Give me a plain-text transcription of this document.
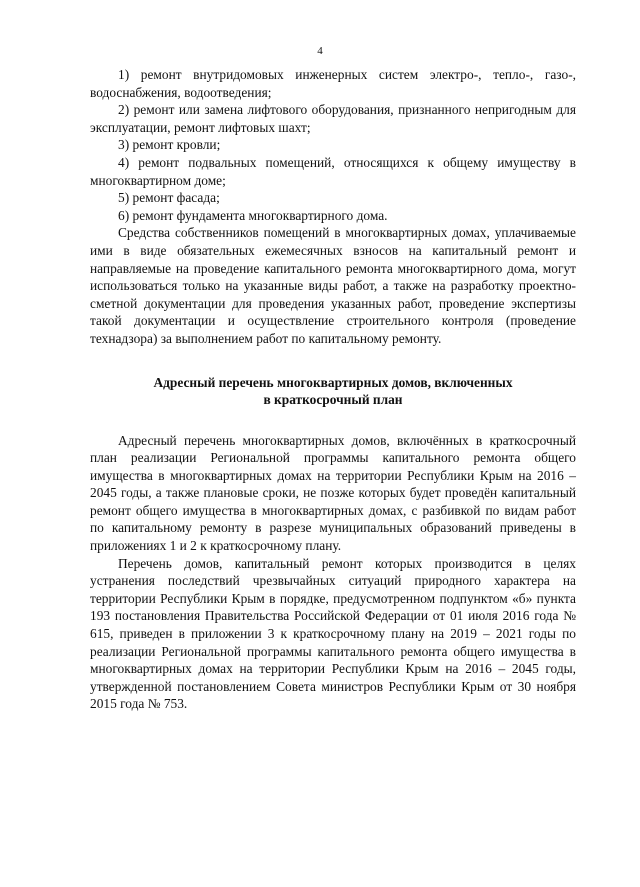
4

1) ремонт внутридомовых инженерных систем электро-, тепло-, газо-, водоснабжения, водоотведения;

2) ремонт или замена лифтового оборудования, признанного непригодным для эксплуатации, ремонт лифтовых шахт;

3) ремонт кровли;

4) ремонт подвальных помещений, относящихся к общему имуществу в многоквартирном доме;

5) ремонт фасада;

6) ремонт фундамента многоквартирного дома.

Средства собственников помещений в многоквартирных домах, уплачиваемые ими в виде обязательных ежемесячных взносов на капитальный ремонт и направляемые на проведение капитального ремонта многоквартирного дома, могут использоваться только на указанные виды работ, а также на разработку проектно-сметной документации для проведения указанных работ, проведение экспертизы такой документации и осуществление строительного контроля (проведение технадзора) за выполнением работ по капитальному ремонту.

Адресный перечень многоквартирных домов, включенных
в краткосрочный план

Адресный перечень многоквартирных домов, включённых в краткосрочный план реализации Региональной программы капитального ремонта общего имущества в многоквартирных домах на территории Республики Крым на 2016 – 2045 годы, а также плановые сроки, не позже которых будет проведён капитальный ремонт общего имущества в многоквартирных домах, с разбивкой по видам работ по капитальному ремонту в разрезе муниципальных образований приведены в приложениях 1 и 2 к краткосрочному плану.

Перечень домов, капитальный ремонт которых производится в целях устранения последствий чрезвычайных ситуаций природного характера на территории Республики Крым в порядке, предусмотренном подпунктом «б» пункта 193 постановления Правительства Российской Федерации от 01 июля 2016 года № 615, приведен в приложении 3 к краткосрочному плану на 2019 – 2021 годы по реализации Региональной программы капитального ремонта общего имущества в многоквартирных домах на территории Республики Крым на 2016 – 2045 годы, утвержденной постановлением Совета министров Республики Крым от 30 ноября 2015 года № 753.
